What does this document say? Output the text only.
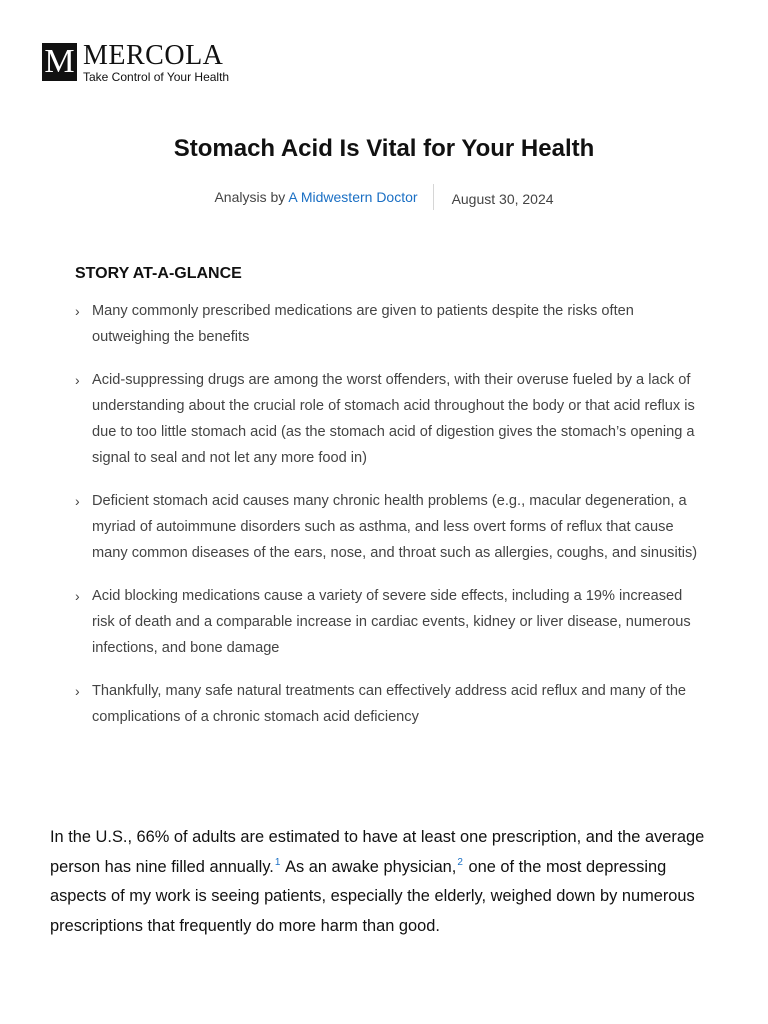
M MERCOLA
Take Control of Your Health
Stomach Acid Is Vital for Your Health
Analysis by A Midwestern Doctor	August 30, 2024
STORY AT-A-GLANCE
› Many commonly prescribed medications are given to patients despite the risks often outweighing the benefits
› Acid-suppressing drugs are among the worst offenders, with their overuse fueled by a lack of understanding about the crucial role of stomach acid throughout the body or that acid reflux is due to too little stomach acid (as the stomach acid of digestion gives the stomach’s opening a signal to seal and not let any more food in)
› Deficient stomach acid causes many chronic health problems (e.g., macular degeneration, a myriad of autoimmune disorders such as asthma, and less overt forms of reflux that cause many common diseases of the ears, nose, and throat such as allergies, coughs, and sinusitis)
› Acid blocking medications cause a variety of severe side effects, including a 19% increased risk of death and a comparable increase in cardiac events, kidney or liver disease, numerous infections, and bone damage
› Thankfully, many safe natural treatments can effectively address acid reflux and many of the complications of a chronic stomach acid deficiency

In the U.S., 66% of adults are estimated to have at least one prescription, and the average person has nine filled annually.$^1$ As an awake physician,$^2$ one of the most depressing aspects of my work is seeing patients, especially the elderly, weighed down by numerous prescriptions that frequently do more harm than good.
